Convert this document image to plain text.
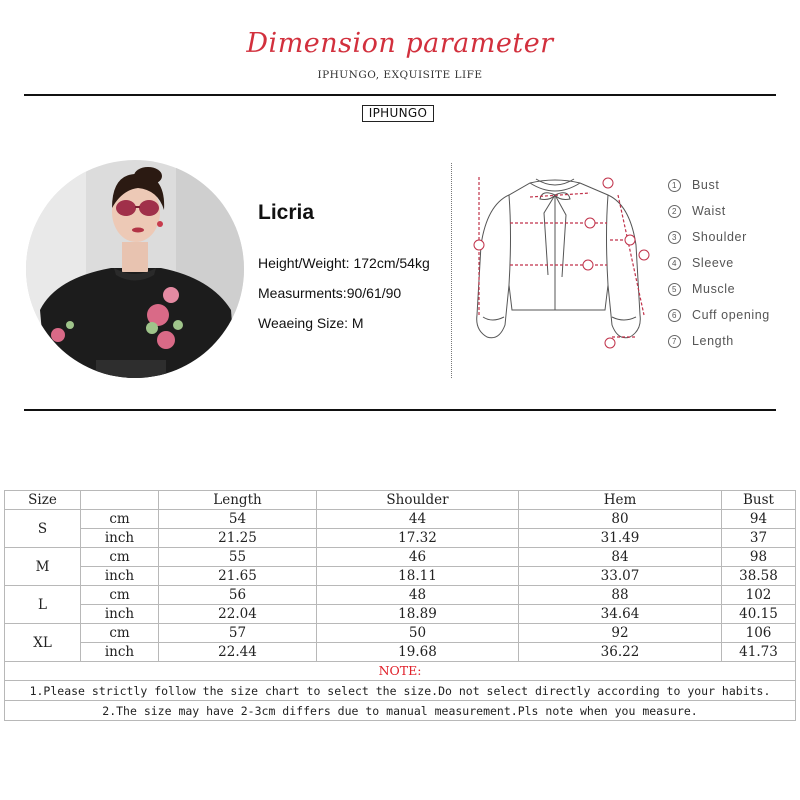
Dimension parameter
IPHUNGO, EXQUISITE LIFE
IPHUNGO
Licria
Height/Weight: 172cm/54kg
Measurments:90/61/90
Weaeing Size: M
1	Bust
2	Waist
3	Shoulder
4	Sleeve
5	Muscle
6	Cuff opening
7	Length
Size		Length	Shoulder	Hem	Bust
S	cm	54	44	80	94
	inch	21.25	17.32	31.49	37
M	cm	55	46	84	98
	inch	21.65	18.11	33.07	38.58
L	cm	56	48	88	102
	inch	22.04	18.89	34.64	40.15
XL	cm	57	50	92	106
	inch	22.44	19.68	36.22	41.73
NOTE:					
1.Please strictly follow the size chart to select the size.Do not select directly according to your habits.					
2.The size may have 2-3cm differs due to manual measurement.Pls note when you measure.					
